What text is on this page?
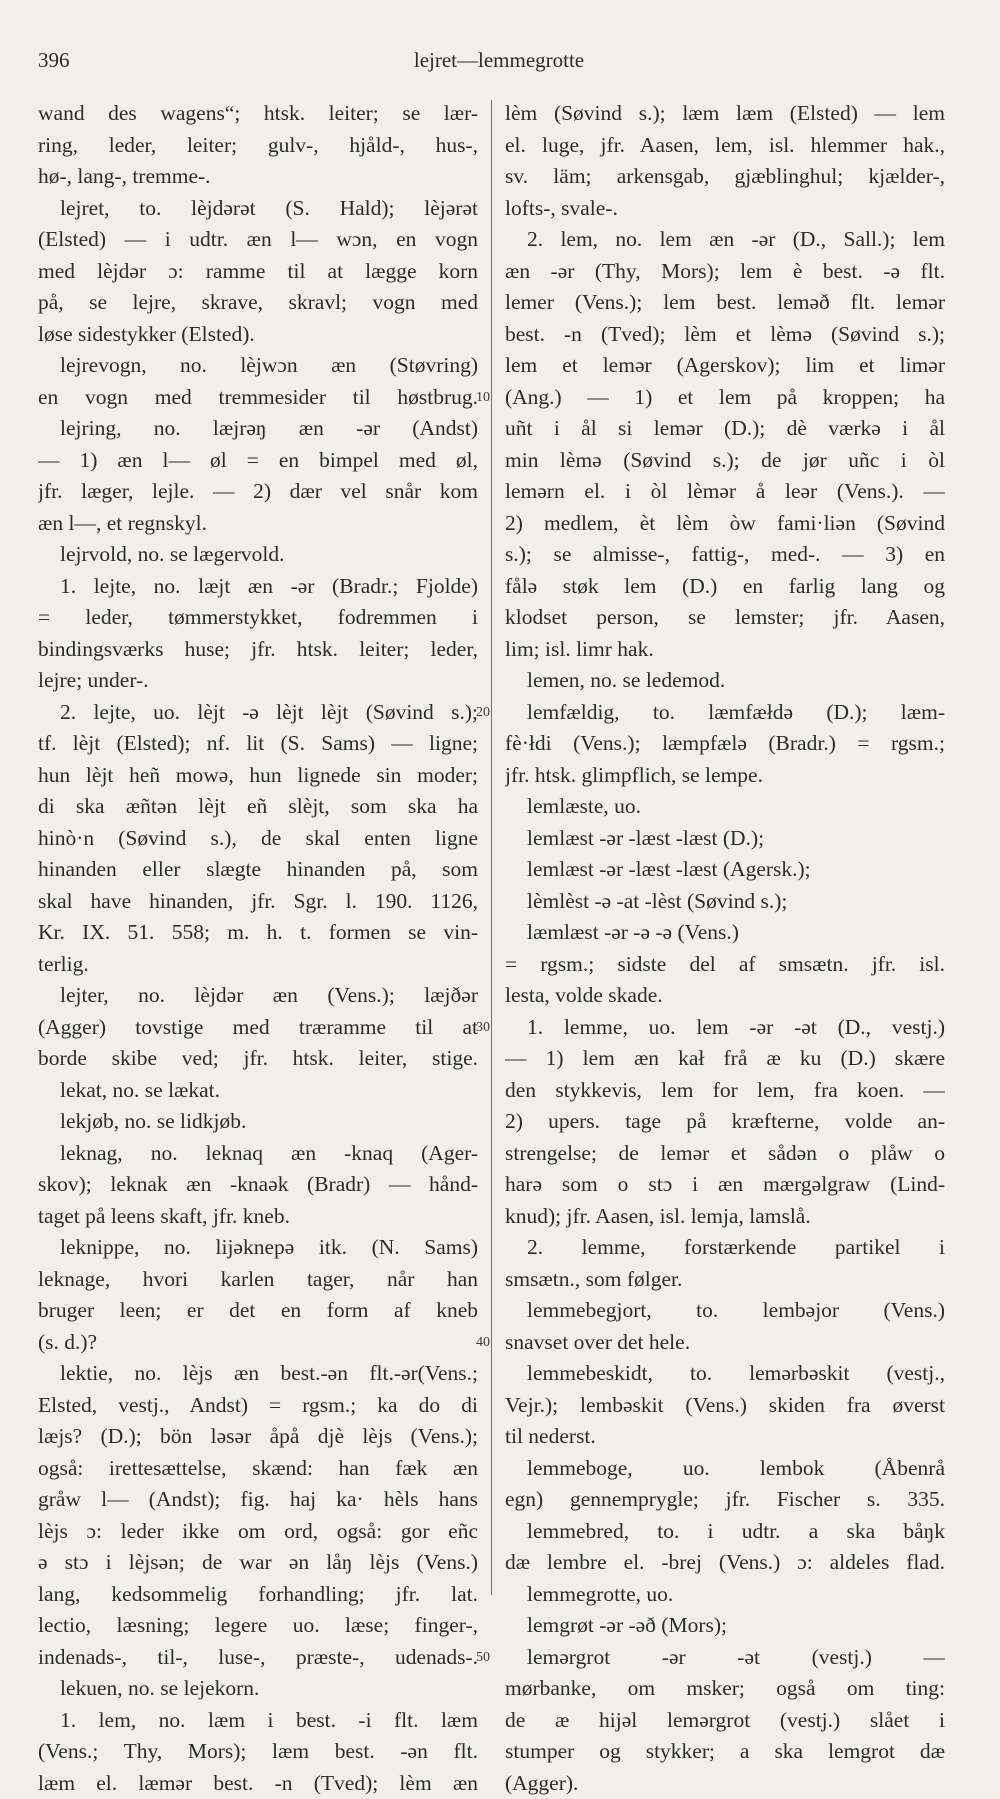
396	lejret—lemmegrotte
wand des wagens“; htsk. leiter; se lær-
ring, leder, leiter; gulv-, hjåld-, hus-,
hø-, lang-, tremme-.
lejret, to. lèjdərət (S. Hald); lèjərət
(Elsted) — i udtr. æn l— wɔn, en vogn
med lèjdər ɔ: ramme til at lægge korn
på, se lejre, skrave, skravl; vogn med
løse sidestykker (Elsted).
lejrevogn, no. lèjwɔn æn (Støvring)
en vogn med tremmesider til høstbrug.
lejring, no. læjrəŋ æn -ər (Andst)
— 1) æn l— øl = en bimpel med øl,
jfr. læger, lejle. — 2) dær vel snår kom
æn l—, et regnskyl.
lejrvold, no. se lægervold.
1. lejte, no. læjt æn -ər (Bradr.; Fjolde)
= leder, tømmerstykket, fodremmen i
bindingsværks huse; jfr. htsk. leiter; leder,
lejre; under-.
2. lejte, uo. lèjt -ə lèjt lèjt (Søvind s.);
tf. lèjt (Elsted); nf. lit (S. Sams) — ligne;
hun lèjt heñ mowə, hun lignede sin moder;
di ska æñtən lèjt eñ slèjt, som ska ha
hinò·n (Søvind s.), de skal enten ligne
hinanden eller slægte hinanden på, som
skal have hinanden, jfr. Sgr. l. 190. 1126,
Kr. IX. 51. 558; m. h. t. formen se vin-
terlig.
lejter, no. lèjdər æn (Vens.); læjðər
(Agger) tovstige med træramme til at
borde skibe ved; jfr. htsk. leiter, stige.
lekat, no. se lækat.
lekjøb, no. se lidkjøb.
leknag, no. leknaq æn -knaq (Ager-
skov); leknak æn -knaək (Bradr) — hånd-
taget på leens skaft, jfr. kneb.
leknippe, no. lijəknepə itk. (N. Sams)
leknage, hvori karlen tager, når han
bruger leen; er det en form af kneb
(s. d.)?
lektie, no. lèjs æn best.-ən flt.-ər(Vens.;
Elsted, vestj., Andst) = rgsm.; ka do di
læjs? (D.); bön ləsər åpå djè lèjs (Vens.);
også: irettesættelse, skænd: han fæk æn
gråw l— (Andst); fig. haj ka· hèls hans
lèjs ɔ: leder ikke om ord, også: gor eñc
ə stɔ i lèjsən; de war ən låŋ lèjs (Vens.)
lang, kedsommelig forhandling; jfr. lat.
lectio, læsning; legere uo. læse; finger-,
indenads-, til-, luse-, præste-, udenads-.
lekuen, no. se lejekorn.
1. lem, no. læm i best. -i flt. læm
(Vens.; Thy, Mors); læm best. -ən flt.
læm el. læmər best. -n (Tved); lèm æn
lèm (Søvind s.); læm læm (Elsted) — lem
el. luge, jfr. Aasen, lem, isl. hlemmer hak.,
sv. läm; arkensgab, gjæblinghul; kjælder-,
lofts-, svale-.
2. lem, no. lem æn -ər (D., Sall.); lem
æn -ər (Thy, Mors); lem è best. -ə flt.
lemer (Vens.); lem best. leməð flt. lemər
best. -n (Tved); lèm et lèmə (Søvind s.);
lem et lemər (Agerskov); lim et limər
(Ang.) — 1) et lem på kroppen; ha
uñt i ål si lemər (D.); dè værkə i ål
min lèmə (Søvind s.); de jør uñc i òl
lemərn el. i òl lèmər å leər (Vens.). —
2) medlem, èt lèm òw fami·liən (Søvind
s.); se almisse-, fattig-, med-. — 3) en
fålə støk lem (D.) en farlig lang og
klodset person, se lemster; jfr. Aasen,
lim; isl. limr hak.
lemen, no. se ledemod.
lemfældig, to. læmfæłdə (D.); læm-
fè·łdi (Vens.); læmpfælə (Bradr.) = rgsm.;
jfr. htsk. glimpflich, se lempe.
lemlæste, uo.
lemlæst -ər -læst -læst (D.);
lemlæst -ər -læst -læst (Agersk.);
lèmlèst -ə -at -lèst (Søvind s.);
læmlæst -ər -ə -ə (Vens.)
= rgsm.; sidste del af smsætn. jfr. isl.
lesta, volde skade.
1. lemme, uo. lem -ər -ət (D., vestj.)
— 1) lem æn kał frå æ ku (D.) skære
den stykkevis, lem for lem, fra koen. —
2) upers. tage på kræfterne, volde an-
strengelse; de lemər et sådən o plåw o
harə som o stɔ i æn mærgəlgraw (Lind-
knud); jfr. Aasen, isl. lemja, lamslå.
2. lemme, forstærkende partikel i
smsætn., som følger.
lemmebegjort, to. lembəjor (Vens.)
snavset over det hele.
lemmebeskidt, to. lemərbəskit (vestj.,
Vejr.); lembəskit (Vens.) skiden fra øverst
til nederst.
lemmeboge, uo. lembok (Åbenrå
egn) gennemprygle; jfr. Fischer s. 335.
lemmebred, to. i udtr. a ska båŋk
dæ lembre el. -brej (Vens.) ɔ: aldeles flad.
lemmegrotte, uo.
lemgrøt -ər -əð (Mors);
lemərgrot -ər -ət (vestj.) —
mørbanke, om msker; også om ting:
de æ hijəl lemərgrot (vestj.) slået i
stumper og stykker; a ska lemgrot dæ
(Agger).
10
20
30
40
50
